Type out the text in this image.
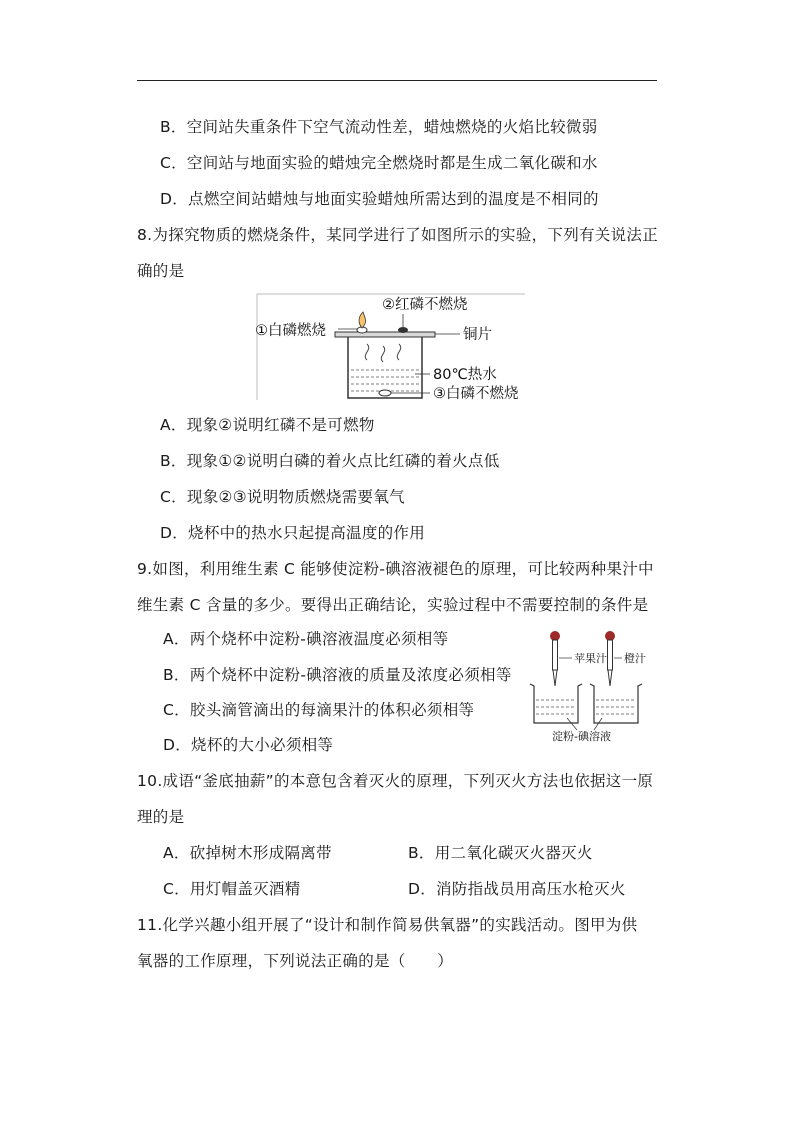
B．空间站失重条件下空气流动性差，蜡烛燃烧的火焰比较微弱
C．空间站与地面实验的蜡烛完全燃烧时都是生成二氧化碳和水
D．点燃空间站蜡烛与地面实验蜡烛所需达到的温度是不相同的
8.为探究物质的燃烧条件，某同学进行了如图所示的实验，下列有关说法正
确的是
①白磷燃烧
②红磷不燃烧
铜片
80℃热水
③白磷不燃烧
A．现象②说明红磷不是可燃物
B．现象①②说明白磷的着火点比红磷的着火点低
C．现象②③说明物质燃烧需要氧气
D．烧杯中的热水只起提高温度的作用
9.如图，利用维生素 C 能够使淀粉-碘溶液褪色的原理，可比较两种果汁中
维生素 C 含量的多少。要得出正确结论，实验过程中不需要控制的条件是
苹果汁 橙汁
淀粉-碘溶液
A．两个烧杯中淀粉-碘溶液温度必须相等
B．两个烧杯中淀粉-碘溶液的质量及浓度必须相等
C．胶头滴管滴出的每滴果汁的体积必须相等
D．烧杯的大小必须相等
10.成语“釜底抽薪”的本意包含着灭火的原理，下列灭火方法也依据这一原
理的是
A．砍掉树木形成隔离带	B．用二氧化碳灭火器灭火
C．用灯帽盖灭酒精	D．消防指战员用高压水枪灭火
11.化学兴趣小组开展了“设计和制作简易供氧器”的实践活动。图甲为供
氧器的工作原理，下列说法正确的是（　　）
